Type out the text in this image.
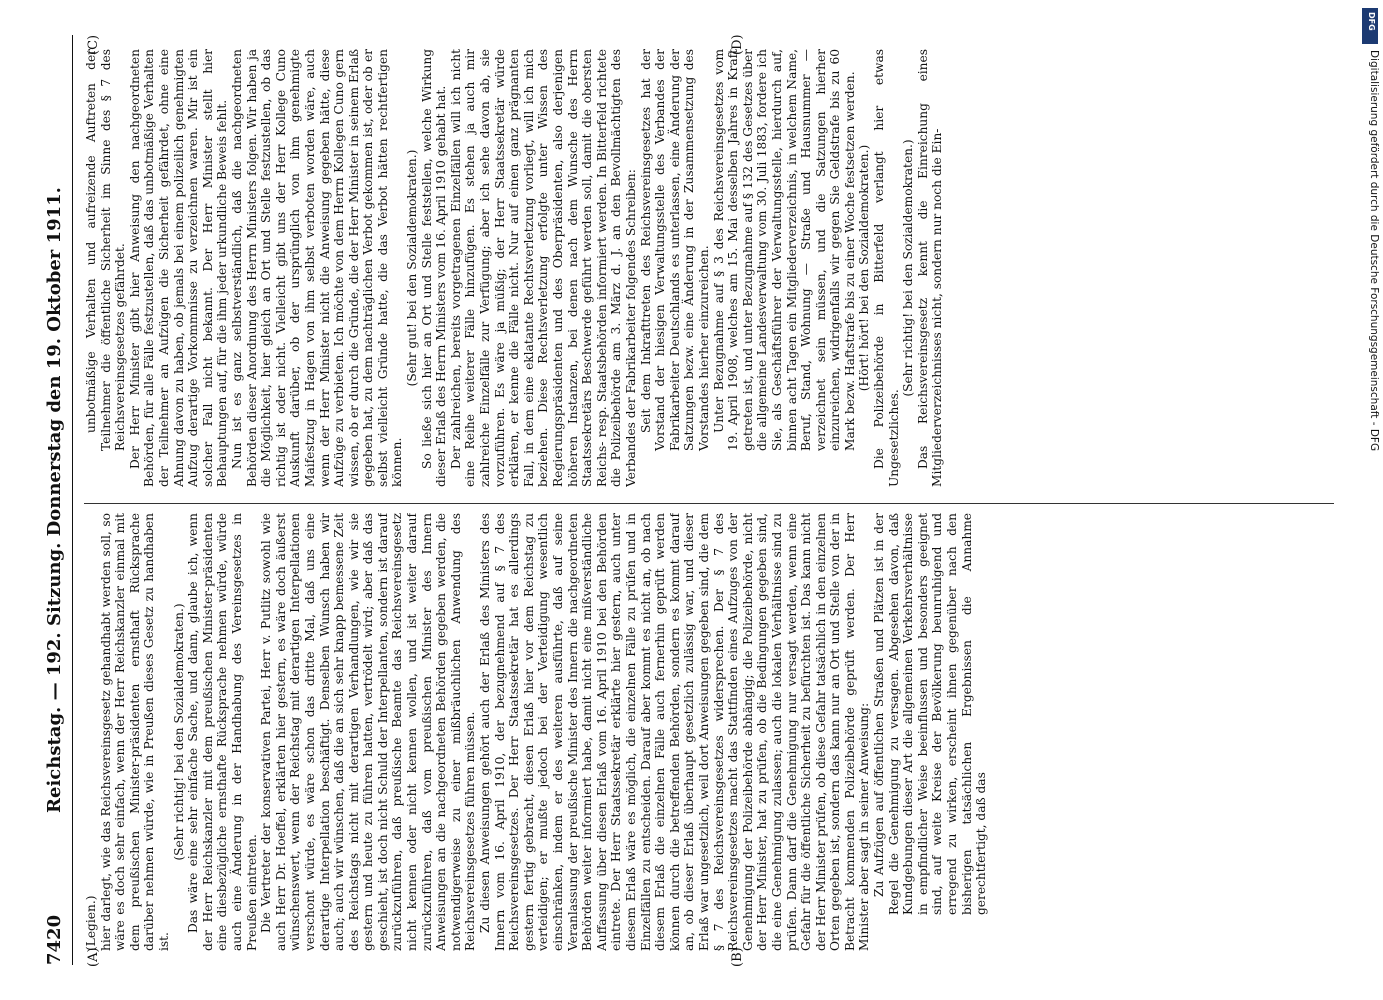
7420
Reichstag. — 192. Sitzung. Donnerstag den 19. Oktober 1911.
(A)	(B)
(C)	(D)

(Legien.) hier darlegt, wie das Reichsvereinsgesetz gehandhabt werden soll, so wäre es doch sehr einfach, wenn der Herr Reichskanzler einmal mit dem preußischen Minister-präsidenten ernsthaft Rücksprache darüber nehmen würde, wie in Preußen dieses Gesetz zu handhaben ist.

(Sehr richtig! bei den Sozialdemokraten.) Das wäre eine sehr einfache Sache, und dann, glaube ich, wenn der Herr Reichskanzler mit dem preußischen Minister-präsidenten eine diesbezügliche ernsthafte Rücksprache nehmen würde, würde auch eine Änderung in der Handhabung des Vereinsgesetzes in Preußen eintreten. Die Vertreter der konservativen Partei, Herr v. Putlitz sowohl wie auch Herr Dr. Hoeffel, erklärten hier gestern, es wäre doch äußerst wünschenswert, wenn der Reichstag mit derartigen Interpellationen verschont würde, es wäre schon das dritte Mal, daß uns eine derartige Interpellation beschäftigt. Denselben Wunsch haben wir auch; auch wir wünschen, daß die an sich sehr knapp bemessene Zeit des Reichstags nicht mit derartigen Verhandlungen, wie wir sie gestern und heute zu führen hatten, vertrödelt wird; aber daß das geschieht, ist doch nicht Schuld der Interpellanten, sondern ist darauf zurückzuführen, daß preußische Beamte das Reichsvereinsgesetz nicht kennen oder nicht kennen wollen, und ist weiter darauf zurückzuführen, daß vom preußischen Minister des Innern Anweisungen an die nachgeordneten Behörden gegeben werden, die notwendigerweise zu einer mißbräuchlichen Anwendung des Reichsvereinsgesetzes führen müssen. Zu diesen Anweisungen gehört auch der Erlaß des Ministers des Innern vom 16. April 1910, der bezugnehmend auf § 7 des Reichsvereinsgesetzes. Der Herr Staatssekretär hat es allerdings gestern fertig gebracht, diesen Erlaß hier vor dem Reichstag zu verteidigen; er mußte jedoch bei der Verteidigung wesentlich einschränken, indem er des weiteren ausführte, daß auf seine Veranlassung der preußische Minister des Innern die nachgeordneten Behörden weiter informiert habe, damit nicht eine mißverständliche Auffassung über diesen Erlaß vom 16. April 1910 bei den Behörden eintrete. Der Herr Staatssekretär erklärte hier gestern, auch unter diesem Erlaß wäre es möglich, die einzelnen Fälle zu prüfen und in Einzelfällen zu entscheiden. Darauf aber kommt es nicht an, ob nach diesem Erlaß die einzelnen Fälle auch fernerhin geprüft werden können durch die betreffenden Behörden, sondern es kommt darauf an, ob dieser Erlaß überhaupt gesetzlich zulässig war, und dieser Erlaß war ungesetzlich, weil dort Anweisungen gegeben sind, die dem § 7 des Reichsvereinsgesetzes widersprechen. Der § 7 des Reichsvereinsgesetzes macht das Stattfinden eines Aufzuges von der Genehmigung der Polizeibehörde abhängig; die Polizeibehörde, nicht der Herr Minister, hat zu prüfen, ob die Bedingungen gegeben sind, die eine Genehmigung zulassen; auch die lokalen Verhältnisse sind zu prüfen. Dann darf die Genehmigung nur versagt werden, wenn eine Gefahr für die öffentliche Sicherheit zu befürchten ist. Das kann nicht der Herr Minister prüfen, ob diese Gefahr tatsächlich in den einzelnen Orten gegeben ist, sondern das kann nur an Ort und Stelle von der in Betracht kommenden Polizeibehörde geprüft werden. Der Herr Minister aber sagt in seiner Anweisung: Zu Aufzügen auf öffentlichen Straßen und Plätzen ist in der Regel die Genehmigung zu versagen. Abgesehen davon, daß Kundgebungen dieser Art die allgemeinen Verkehrsverhältnisse in empfindlicher Weise beeinflussen und besonders geeignet sind, auf weite Kreise der Bevölkerung beunruhigend und erregend zu wirken, erscheint ihnen gegenüber nach den bisherigen tatsächlichen Ergebnissen die Annahme gerechtfertigt, daß das

unbotmäßige Verhalten und aufreizende Auftreten der Teilnehmer die öffentliche Sicherheit im Sinne des § 7 des Reichsvereinsgesetzes gefährdet. Der Herr Minister gibt hier Anweisung den nachgeordneten Behörden, für alle Fälle festzustellen, daß das unbotmäßige Verhalten der Teilnehmer an Aufzügen die Sicherheit gefährdet, ohne eine Ahnung davon zu haben, ob jemals bei einem polizeilich genehmigten Aufzug derartige Vorkommnisse zu verzeichnen waren. Mir ist ein solcher Fall nicht bekannt. Der Herr Minister stellt hier Behauptungen auf, für die ihm jeder urkundliche Beweis fehlt. Nun ist es ganz selbstverständlich, daß die nachgeordneten Behörden dieser Anordnung des Herrn Ministers folgen. Wir haben ja die Möglichkeit, hier gleich an Ort und Stelle festzustellen, ob das richtig ist oder nicht. Vielleicht gibt uns der Herr Kollege Cuno Auskunft darüber, ob der ursprünglich von ihm genehmigte Maifestzug in Hagen von ihm selbst verboten worden wäre, auch wenn der Herr Minister nicht die Anweisung gegeben hätte, diese Aufzüge zu verbieten. Ich möchte von dem Herrn Kollegen Cuno gern wissen, ob er durch die Gründe, die der Herr Minister in seinem Erlaß gegeben hat, zu dem nachträglichen Verbot gekommen ist, oder ob er selbst vielleicht Gründe hatte, die das Verbot hätten rechtfertigen können.

(Sehr gut! bei den Sozialdemokraten.) So ließe sich hier an Ort und Stelle feststellen, welche Wirkung dieser Erlaß des Herrn Ministers vom 16. April 1910 gehabt hat. Der zahlreichen, bereits vorgetragenen Einzelfällen will ich nicht eine Reihe weiterer Fälle hinzufügen. Es stehen ja auch mir zahlreiche Einzelfälle zur Verfügung; aber ich sehe davon ab, sie vorzuführen. Es wäre ja müßig; der Herr Staatssekretär würde erklären, er kenne die Fälle nicht. Nur auf einen ganz prägnanten Fall, in dem eine eklatante Rechtsverletzung vorliegt, will ich mich beziehen. Diese Rechtsverletzung erfolgte unter Wissen des Regierungspräsidenten und des Oberpräsidenten, also derjenigen höheren Instanzen, bei denen nach dem Wunsche des Herrn Staatssekretärs Beschwerde geführt werden soll, damit die obersten Reichs- resp. Staatsbehörden informiert werden. In Bitterfeld richtete die Polizeibehörde am 3. März d. J. an den Bevollmächtigten des Verbandes der Fabrikarbeiter folgendes Schreiben: Seit dem Inkrafttreten des Reichsvereinsgesetzes hat der Vorstand der hiesigen Verwaltungsstelle des Verbandes der Fabrikarbeiter Deutschlands es unterlassen, eine Änderung der Satzungen bezw. eine Änderung in der Zusammensetzung des Vorstandes hierher einzureichen. Unter Bezugnahme auf § 3 des Reichsvereinsgesetzes vom 19. April 1908, welches am 15. Mai desselben Jahres in Kraft getreten ist, und unter Bezugnahme auf § 132 des Gesetzes über die allgemeine Landesverwaltung vom 30. Juli 1883, fordere ich Sie, als Geschäftsführer der Verwaltungsstelle, hierdurch auf, binnen acht Tagen ein Mitgliederverzeichnis, in welchem Name, Beruf, Stand, Wohnung — Straße und Hausnummer — verzeichnet sein müssen, und die Satzungen hierher einzureichen, widrigenfalls wir gegen Sie Geldstrafe bis zu 60 Mark bezw. Haftstrafe bis zu einer Woche festsetzen werden. (Hört! hört! bei den Sozialdemokraten.) Die Polizeibehörde in Bitterfeld verlangt hier etwas Ungesetzliches.

(Sehr richtig! bei den Sozialdemokraten.) Das Reichsvereinsgesetz kennt die Einreichung eines Mitgliederverzeichnisses nicht, sondern nur noch die Ein-

DFG
Digitalisierung gefördert durch die Deutsche Forschungsgemeinschaft - DFG
